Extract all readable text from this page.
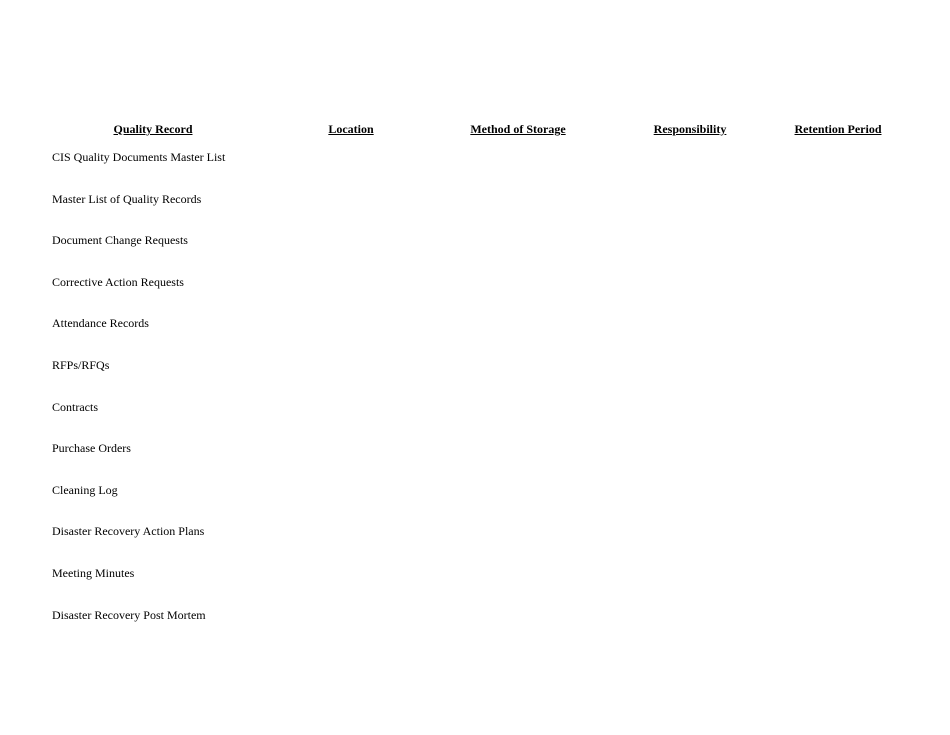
Quality Record	Location	Method of Storage	Responsibility	Retention Period
CIS Quality Documents Master List
Master List of Quality Records
Document Change Requests
Corrective Action Requests
Attendance Records
RFPs/RFQs
Contracts
Purchase Orders
Cleaning Log
Disaster Recovery Action Plans
Meeting Minutes
Disaster Recovery Post Mortem
